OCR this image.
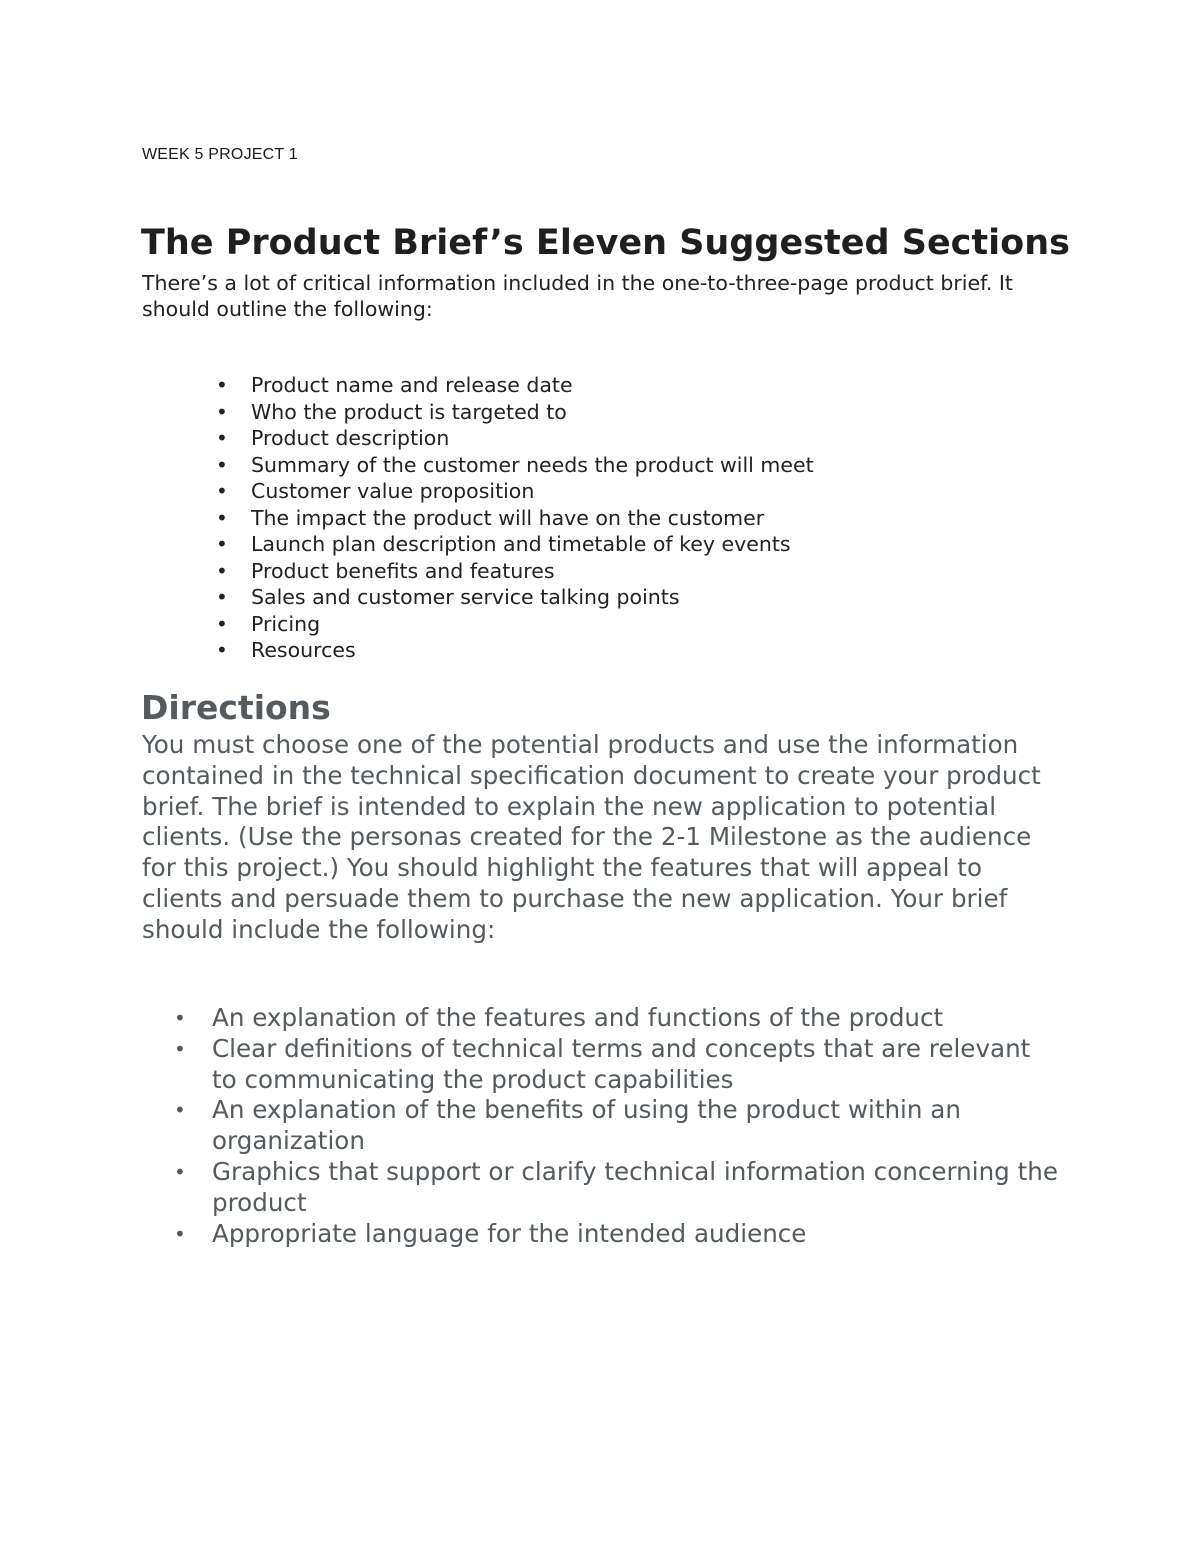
WEEK 5 PROJECT 1

The Product Brief’s Eleven Suggested Sections

There’s a lot of critical information included in the one-to-three-page product brief. It should outline the following:

• Product name and release date
• Who the product is targeted to
• Product description
• Summary of the customer needs the product will meet
• Customer value proposition
• The impact the product will have on the customer
• Launch plan description and timetable of key events
• Product benefits and features
• Sales and customer service talking points
• Pricing
• Resources
Directions

You must choose one of the potential products and use the information contained in the technical specification document to create your product brief. The brief is intended to explain the new application to potential clients. (Use the personas created for the 2-1 Milestone as the audience for this project.) You should highlight the features that will appeal to clients and persuade them to purchase the new application. Your brief should include the following:

• An explanation of the features and functions of the product
• Clear definitions of technical terms and concepts that are relevant to communicating the product capabilities
• An explanation of the benefits of using the product within an organization
• Graphics that support or clarify technical information concerning the product
• Appropriate language for the intended audience
